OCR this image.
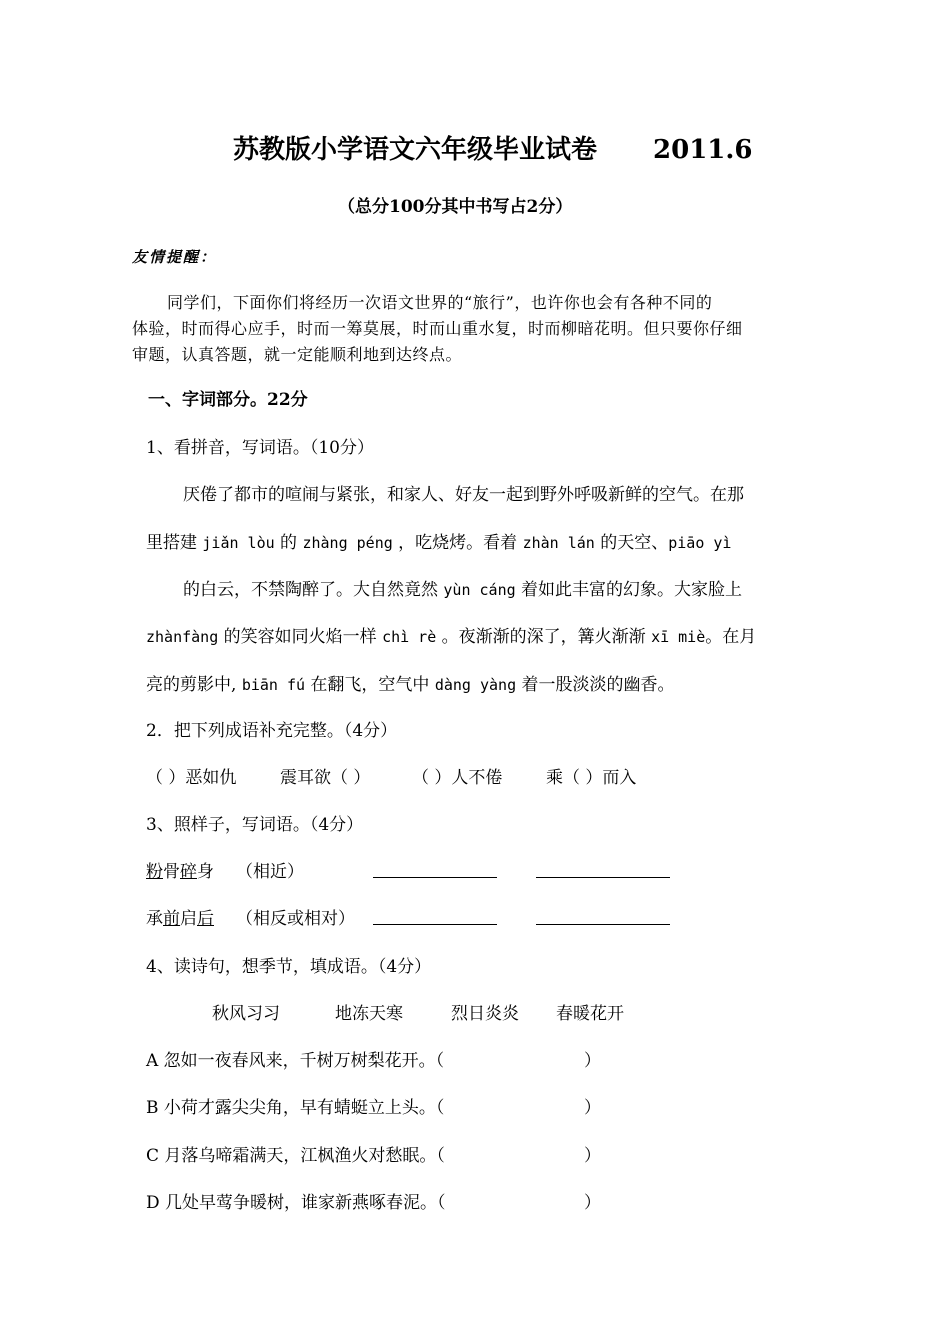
苏教版小学语文六年级毕业试卷 2011.6
（总分100分其中书写占2分）
友情提醒：
同学们，下面你们将经历一次语文世界的“旅行”，也许你也会有各种不同的
体验，时而得心应手，时而一筹莫展，时而山重水复，时而柳暗花明。但只要你仔细
审题，认真答题，就一定能顺利地到达终点。
一、字词部分。22分
1、看拼音，写词语。（10分）
厌倦了都市的喧闹与紧张，和家人、好友一起到野外呼吸新鲜的空气。在那
里搭建 jiǎn lòu 的 zhàng péng ，吃烧烤。看着 zhàn lán 的天空、piāo yì
的白云，不禁陶醉了。大自然竟然 yùn cáng 着如此丰富的幻象。大家脸上
zhànfàng 的笑容如同火焰一样 chì rè 。夜渐渐的深了，篝火渐渐 xī miè。在月
亮的剪影中, biān fú 在翻飞，空气中 dàng yàng 着一股淡淡的幽香。
2．把下列成语补充完整。（4分）
（ ）恶如仇	震耳欲（ ） （ ）人不倦	乘（ ）而入
3、照样子，写词语。（4分）
粉骨碎身 （相近）
承前启后 （相反或相对）
4、读诗句，想季节，填成语。（4分）
秋风习习	地冻天寒	烈日炎炎 春暖花开
A 忽如一夜春风来，千树万树梨花开。（	）
B 小荷才露尖尖角，早有蜻蜓立上头。（	）
C 月落乌啼霜满天，江枫渔火对愁眠。（	）
D 几处早莺争暖树，谁家新燕啄春泥。（	）
